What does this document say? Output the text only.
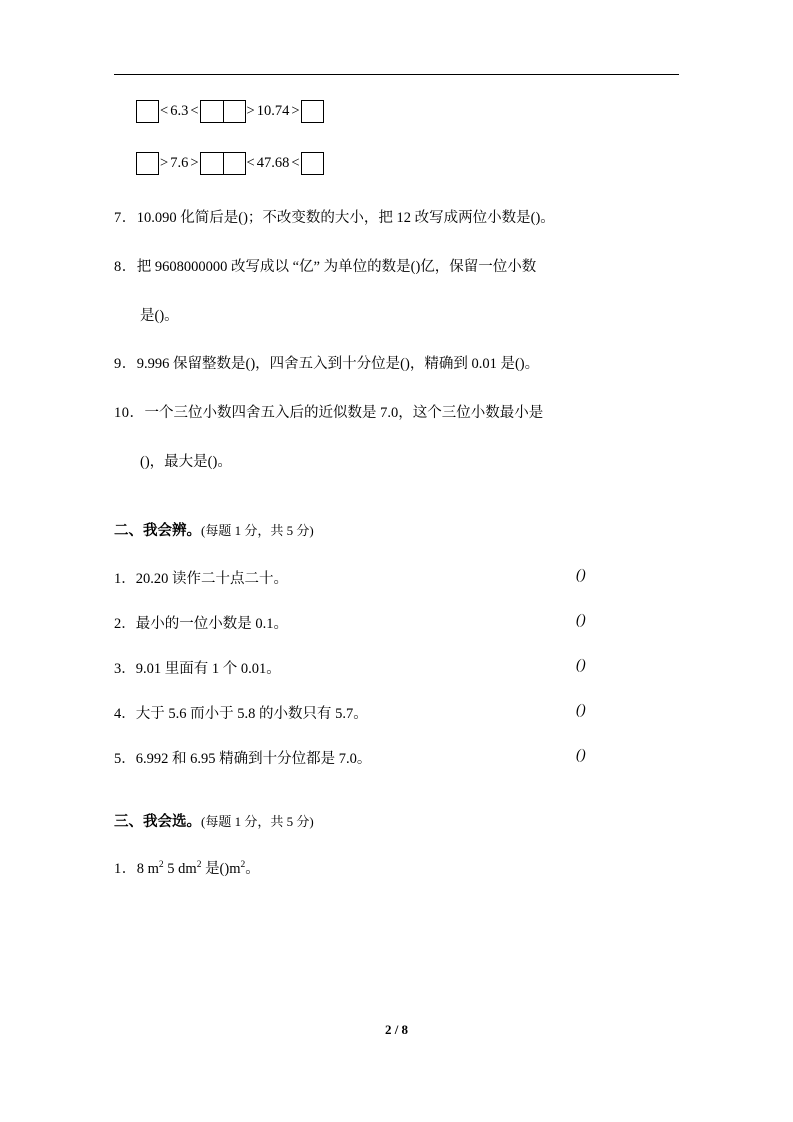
< 6.3 <	> 10.74 >
> 7.6 >	< 47.68 <
7．10.090 化简后是()；不改变数的大小，把 12 改写成两位小数是()。
8．把 9608000000 改写成以 “亿” 为单位的数是()亿，保留一位小数
是()。
9．9.996 保留整数是()，四舍五入到十分位是()，精确到 0.01 是()。
10．一个三位小数四舍五入后的近似数是 7.0，这个三位小数最小是
()，最大是()。
二、我会辨。(每题 1 分，共 5 分)
1．20.20 读作二十点二十。	()
2．最小的一位小数是 0.1。	()
3．9.01 里面有 1 个 0.01。	()
4．大于 5.6 而小于 5.8 的小数只有 5.7。	()
5．6.992 和 6.95 精确到十分位都是 7.0。	()
三、我会选。(每题 1 分，共 5 分)
1．8 $m^2$ 5 $dm^2$ 是$()m^2$。
2 / 8
